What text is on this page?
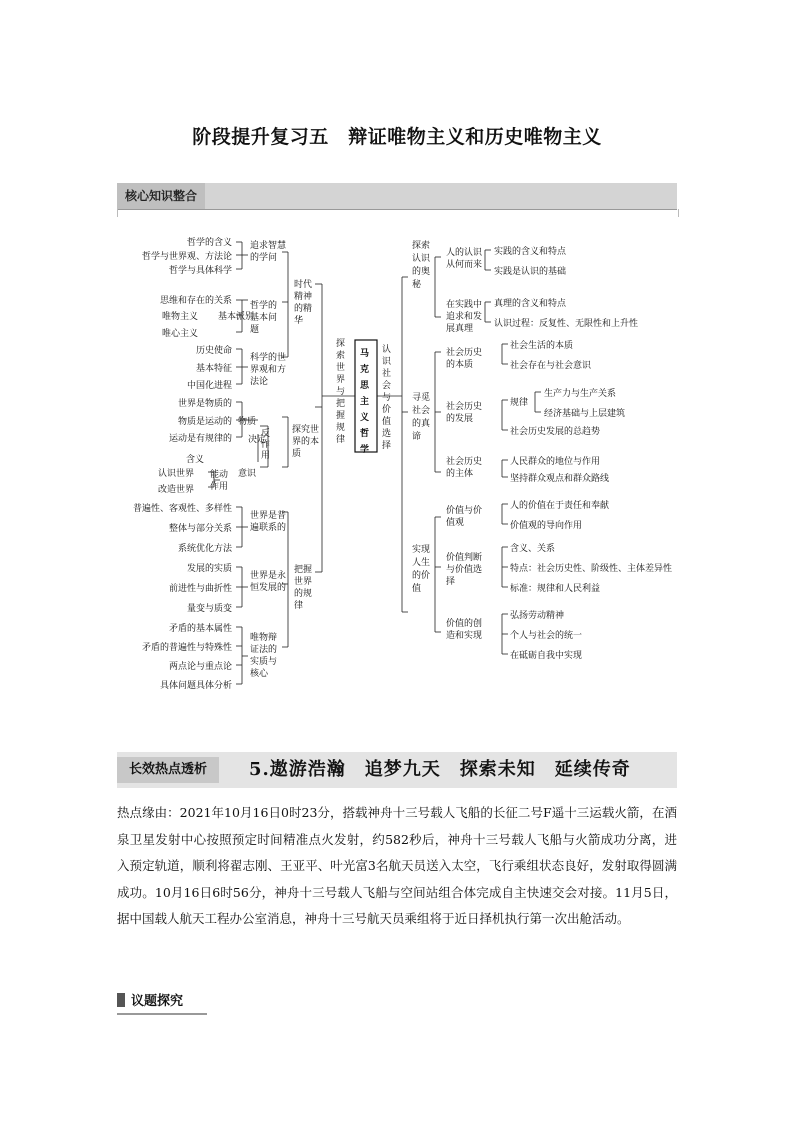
阶段提升复习五　辩证唯物主义和历史唯物主义
核心知识整合
马克思主义哲学
探索世界与把握规律
认识社会与价值选择
时代精神的精华
追求智慧的学问
哲学的基本问题
科学的世界观和方法论
探究世界的本质
把握世界的规律
世界是普遍联系的
世界是永恒发展的
唯物辩证法的实质与核心
哲学的含义
哲学与世界观、方法论
哲学与具体科学
思维和存在的关系
唯物主义
唯心主义
基本派别
历史使命
基本特征
中国化进程
世界是物质的
物质是运动的
运动是有规律的
物质
决定
反作用
意识
含义
认识世界
改造世界
能动作用
普遍性、客观性、多样性
整体与部分关系
系统优化方法
发展的实质
前进性与曲折性
量变与质变
矛盾的基本属性
矛盾的普遍性与特殊性
两点论与重点论
具体问题具体分析
探索认识的奥秘
寻觅社会的真谛
实现人生的价值
人的认识从何而来
在实践中追求和发展真理
社会历史的本质
社会历史的发展
社会历史的主体
价值与价值观
价值判断与价值选择
价值的创造和实现
规律
实践的含义和特点
实践是认识的基础
真理的含义和特点
认识过程：反复性、无限性和上升性
社会生活的本质
社会存在与社会意识
生产力与生产关系
经济基础与上层建筑
社会历史发展的总趋势
人民群众的地位与作用
坚持群众观点和群众路线
人的价值在于责任和奉献
价值观的导向作用
含义、关系
特点：社会历史性、阶级性、主体差异性
标准：规律和人民利益
弘扬劳动精神
个人与社会的统一
在砥砺自我中实现
长效热点透析	5.遨游浩瀚　追梦九天　探索未知　延续传奇
热点缘由：2021年10月16日0时23分，搭载神舟十三号载人飞船的长征二号F遥十三运载火箭，在酒泉卫星发射中心按照预定时间精准点火发射，约582秒后，神舟十三号载人飞船与火箭成功分离，进入预定轨道，顺利将翟志刚、王亚平、叶光富3名航天员送入太空，飞行乘组状态良好，发射取得圆满成功。10月16日6时56分，神舟十三号载人飞船与空间站组合体完成自主快速交会对接。11月5日，据中国载人航天工程办公室消息，神舟十三号航天员乘组将于近日择机执行第一次出舱活动。
议题探究
